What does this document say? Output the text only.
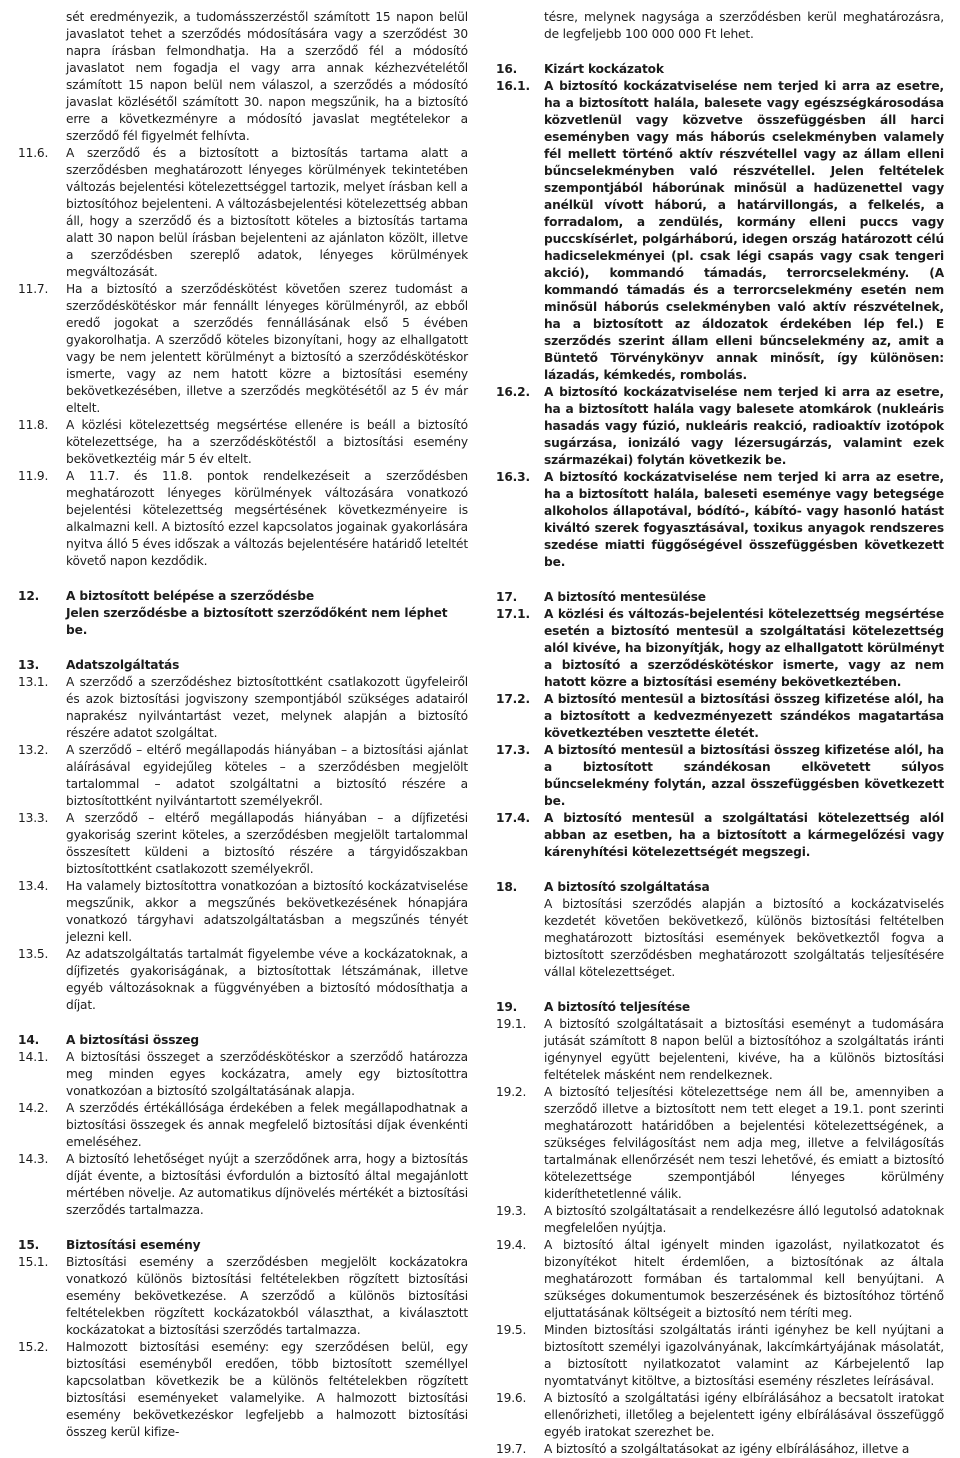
sét eredményezik, a tudomásszerzéstől számított 15 napon belül javaslatot tehet a szerződés módosítására vagy a szerződést 30 napra írásban felmondhatja. Ha a szerződő fél a módosító javaslatot nem fogadja el vagy arra annak kézhezvételétől számított 15 napon belül nem válaszol, a szerződés a módosító javaslat közlésétől számított 30. napon megszűnik, ha a biztosító erre a következményre a módosító javaslat megtételekor a szerződő fél figyelmét felhívta.
11.6.	A szerződő és a biztosított a biztosítás tartama alatt a szerződésben meghatározott lényeges körülmények tekintetében változás bejelentési kötelezettséggel tartozik, melyet írásban kell a biztosítóhoz bejelenteni. A változásbejelentési kötelezettség abban áll, hogy a szerződő és a biztosított köteles a biztosítás tartama alatt 30 napon belül írásban bejelenteni az ajánlaton közölt, illetve a szerződésben szereplő adatok, lényeges körülmények megváltozását.
11.7.	Ha a biztosító a szerződéskötést követően szerez tudomást a szerződéskötéskor már fennállt lényeges körülményről, az ebből eredő jogokat a szerződés fennállásának első 5 évében gyakorolhatja. A szerződő köteles bizonyítani, hogy az elhallgatott vagy be nem jelentett körülményt a biztosító a szerződéskötéskor ismerte, vagy az nem hatott közre a biztosítási esemény bekövetkezésében, illetve a szerződés megkötésétől az 5 év már eltelt.
11.8.	A közlési kötelezettség megsértése ellenére is beáll a biztosító kötelezettsége, ha a szerződéskötéstől a biztosítási esemény bekövetkeztéig már 5 év eltelt.
11.9.	A 11.7. és 11.8. pontok rendelkezéseit a szerződésben meghatározott lényeges körülmények változására vonatkozó bejelentési kötelezettség megsértésének következményeire is alkalmazni kell. A biztosító ezzel kapcsolatos jogainak gyakorlására nyitva álló 5 éves időszak a változás bejelentésére határidő leteltét követő napon kezdődik.
12.	A biztosított belépése a szerződésbe
Jelen szerződésbe a biztosított szerződőként nem léphet be.
13.	Adatszolgáltatás
13.1.	A szerződő a szerződéshez biztosítottként csatlakozott ügyfeleiről és azok biztosítási jogviszony szempontjából szükséges adatairól naprakész nyilvántartást vezet, melynek alapján a biztosító részére adatot szolgáltat.
13.2.	A szerződő – eltérő megállapodás hiányában – a biztosítási ajánlat aláírásával egyidejűleg köteles – a szerződésben megjelölt tartalommal – adatot szolgáltatni a biztosító részére a biztosítottként nyilvántartott személyekről.
13.3.	A szerződő – eltérő megállapodás hiányában – a díjfizetési gyakoriság szerint köteles, a szerződésben megjelölt tartalommal összesített küldeni a biztosító részére a tárgyidőszakban biztosítottként csatlakozott személyekről.
13.4.	Ha valamely biztosítottra vonatkozóan a biztosító kockázatviselése megszűnik, akkor a megszűnés bekövetkezésének hónapjára vonatkozó tárgyhavi adatszolgáltatásban a megszűnés tényét jelezni kell.
13.5.	Az adatszolgáltatás tartalmát figyelembe véve a kockázatoknak, a díjfizetés gyakoriságának, a biztosítottak létszámának, illetve egyéb változásoknak a függvényében a biztosító módosíthatja a díjat.
14.	A biztosítási összeg
14.1.	A biztosítási összeget a szerződéskötéskor a szerződő határozza meg minden egyes kockázatra, amely egy biztosítottra vonatkozóan a biztosító szolgáltatásának alapja.
14.2.	A szerződés értékállósága érdekében a felek megállapodhatnak a biztosítási összegek és annak megfelelő biztosítási díjak évenkénti emeléséhez.
14.3.	A biztosító lehetőséget nyújt a szerződőnek arra, hogy a biztosítás díját évente, a biztosítási évfordulón a biztosító által megajánlott mértében növelje. Az automatikus díjnövelés mértékét a biztosítási szerződés tartalmazza.
15.	Biztosítási esemény
15.1.	Biztosítási esemény a szerződésben megjelölt kockázatokra vonatkozó különös biztosítási feltételekben rögzített biztosítási esemény bekövetkezése. A szerződő a különös biztosítási feltételekben rögzített kockázatokból választhat, a kiválasztott kockázatokat a biztosítási szerződés tartalmazza.
15.2.	Halmozott biztosítási esemény: egy szerződésen belül, egy biztosítási eseményből eredően, több biztosított személlyel kapcsolatban következik be a különös feltételekben rögzített biztosítási eseményeket valamelyike. A halmozott biztosítási esemény bekövetkezéskor legfeljebb a halmozott biztosítási összeg kerül kifize-
tésre, melynek nagysága a szerződésben kerül meghatározásra, de legfeljebb 100 000 000 Ft lehet.
16.	Kizárt kockázatok
16.1.	A biztosító kockázatviselése nem terjed ki arra az esetre, ha a biztosított halála, balesete vagy egészségkárosodása közvetlenül vagy közvetve összefüggésben áll harci eseményben vagy más háborús cselekményben valamely fél mellett történő aktív részvétellel vagy az állam elleni bűncselekményben való részvétellel. Jelen feltételek szempontjából háborúnak minősül a hadüzenettel vagy anélkül vívott háború, a határvillongás, a felkelés, a forradalom, a zendülés, kormány elleni puccs vagy puccskísérlet, polgárháború, idegen ország határozott célú hadicselekményei (pl. csak légi csapás vagy csak tengeri akció), kommandó támadás, terrorcselekmény. (A kommandó támadás és a terrorcselekmény esetén nem minősül háborús cselekményben való aktív részvételnek, ha a biztosított az áldozatok érdekében lép fel.) E szerződés szerint állam elleni bűncselekmény az, amit a Büntető Törvénykönyv annak minősít, így különösen: lázadás, kémkedés, rombolás.
16.2.	A biztosító kockázatviselése nem terjed ki arra az esetre, ha a biztosított halála vagy balesete atomkárok (nukleáris hasadás vagy fúzió, nukleáris reakció, radioaktív izotópok sugárzása, ionizáló vagy lézersugárzás, valamint ezek származékai) folytán következik be.
16.3.	A biztosító kockázatviselése nem terjed ki arra az esetre, ha a biztosított halála, baleseti eseménye vagy betegsége alkoholos állapotával, bódító-, kábító- vagy hasonló hatást kiváltó szerek fogyasztásával, toxikus anyagok rendszeres szedése miatti függőségével összefüggésben következett be.
17.	A biztosító mentesülése
17.1.	A közlési és változás-bejelentési kötelezettség megsértése esetén a biztosító mentesül a szolgáltatási kötelezettség alól kivéve, ha bizonyítják, hogy az elhallgatott körülményt a biztosító a szerződéskötéskor ismerte, vagy az nem hatott közre a biztosítási esemény bekövetkeztében.
17.2.	A biztosító mentesül a biztosítási összeg kifizetése alól, ha a biztosított a kedvezményezett szándékos magatartása következtében vesztette életét.
17.3.	A biztosító mentesül a biztosítási összeg kifizetése alól, ha a biztosított szándékosan elkövetett súlyos bűncselekmény folytán, azzal összefüggésben következett be.
17.4.	A biztosító mentesül a szolgáltatási kötelezettség alól abban az esetben, ha a biztosított a kármegelőzési vagy kárenyhítési kötelezettségét megszegi.
18.	A biztosító szolgáltatása
A biztosítási szerződés alapján a biztosító a kockázatviselés kezdetét követően bekövetkező, különös biztosítási feltételben meghatározott biztosítási események bekövetkeztől fogva a biztosított szerződésben meghatározott szolgáltatás teljesítésére vállal kötelezettséget.
19.	A biztosító teljesítése
19.1.	A biztosító szolgáltatásait a biztosítási eseményt a tudomására jutását számított 8 napon belül a biztosítóhoz a szolgáltatás iránti igénynyel együtt bejelenteni, kivéve, ha a különös biztosítási feltételek másként nem rendelkeznek.
19.2.	A biztosító teljesítési kötelezettsége nem áll be, amennyiben a szerződő illetve a biztosított nem tett eleget a 19.1. pont szerinti meghatározott határidőben a bejelentési kötelezettségének, a szükséges felvilágosítást nem adja meg, illetve a felvilágosítás tartalmának ellenőrzését nem teszi lehetővé, és emiatt a biztosító kötelezettsége szempontjából lényeges körülmény kideríthetetlenné válik.
19.3.	A biztosító szolgáltatásait a rendelkezésre álló legutolsó adatoknak megfelelően nyújtja.
19.4.	A biztosító által igényelt minden igazolást, nyilatkozatot és bizonyítékot hitelt érdemlően, a biztosítónak az általa meghatározott formában és tartalommal kell benyújtani. A szükséges dokumentumok beszerzésének és biztosítóhoz történő eljuttatásának költségeit a biztosító nem téríti meg.
19.5.	Minden biztosítási szolgáltatás iránti igényhez be kell nyújtani a biztosított személyi igazolványának, lakcímkártyájának másolatát, a biztosított nyilatkozatot valamint az Kárbejelentő lap nyomtatványt kitöltve, a biztosítási esemény részletes leírásával.
19.6.	A biztosító a szolgáltatási igény elbírálásához a becsatolt iratokat ellenőrizheti, illetőleg a bejelentett igény elbírálásával összefüggő egyéb iratokat szerezhet be.
19.7.	A biztosító a szolgáltatásokat az igény elbírálásához, illetve a
